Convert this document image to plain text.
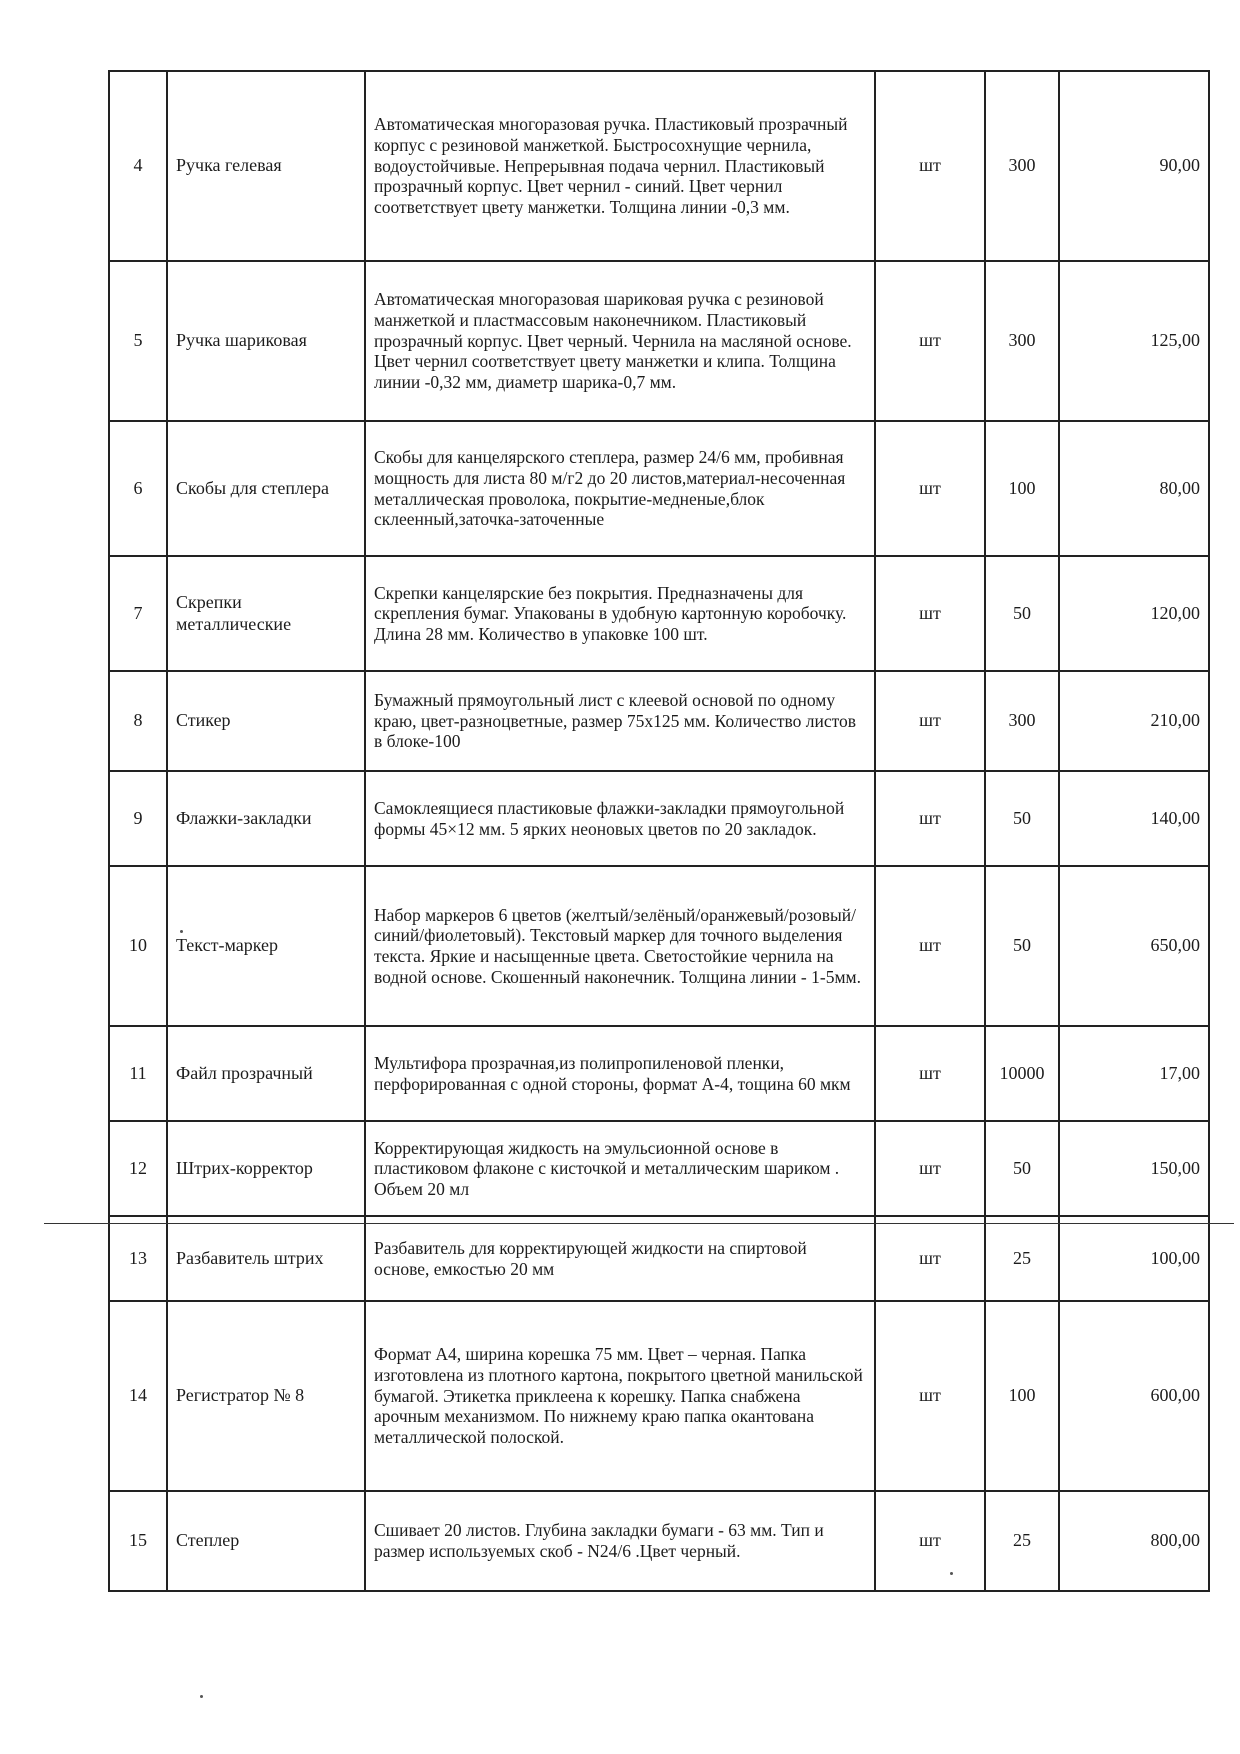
4	Ручка гелевая	Автоматическая многоразовая ручка. Пластиковый прозрачный корпус с резиновой манжеткой. Быстросохнущие чернила, водоустойчивые. Непрерывная подача чернил. Пластиковый прозрачный корпус. Цвет чернил - синий. Цвет чернил соответствует цвету манжетки. Толщина линии -0,3 мм.	шт	300	90,00
5	Ручка шариковая	Автоматическая многоразовая шариковая ручка с резиновой манжеткой и пластмассовым наконечником. Пластиковый прозрачный корпус. Цвет черный. Чернила на масляной основе. Цвет чернил соответствует цвету манжетки и клипа. Толщина линии -0,32 мм, диаметр шарика-0,7 мм.	шт	300	125,00
6	Скобы для степлера	Скобы для канцелярского степлера, размер 24/6 мм, пробивная мощность для листа 80 м/г2 до 20 листов,материал-несоченная металлическая проволока, покрытие-медненые,блок склеенный,заточка-заточенные	шт	100	80,00
7	Скрепки металлические	Скрепки канцелярские без покрытия. Предназначены для скрепления бумаг. Упакованы в удобную картонную коробочку. Длина 28 мм. Количество в упаковке 100 шт.	шт	50	120,00
8	Стикер	Бумажный прямоугольный лист с клеевой основой по одному краю, цвет-разноцветные, размер 75х125 мм. Количество листов в блоке-100	шт	300	210,00
9	Флажки-закладки	Самоклеящиеся пластиковые флажки-закладки прямоугольной формы 45×12 мм. 5 ярких неоновых цветов по 20 закладок.	шт	50	140,00
10	Текст-маркер	Набор маркеров 6 цветов (желтый/зелёный/оранжевый/розовый/синий/фиолетовый). Текстовый маркер для точного выделения текста. Яркие и насыщенные цвета. Светостойкие чернила на водной основе. Скошенный наконечник. Толщина линии - 1-5мм.	шт	50	650,00
11	Файл прозрачный	Мультифора прозрачная,из полипропиленовой пленки, перфорированная с одной стороны, формат А-4, тощина 60 мкм	шт	10000	17,00
12	Штрих-корректор	Корректирующая жидкость на эмульсионной основе в пластиковом флаконе с кисточкой и металлическим шариком . Объем 20 мл	шт	50	150,00
13	Разбавитель штрих	Разбавитель для корректирующей жидкости на спиртовой основе, емкостью 20 мм	шт	25	100,00
14	Регистратор № 8	Формат А4, ширина корешка 75 мм. Цвет – черная. Папка изготовлена из плотного картона, покрытого цветной манильской бумагой. Этикетка приклеена к корешку. Папка снабжена арочным механизмом. По нижнему краю папка окантована металлической полоской.	шт	100	600,00
15	Степлер	Сшивает 20 листов. Глубина закладки бумаги - 63 мм. Тип и размер используемых скоб - N24/6 .Цвет черный.	шт	25	800,00
